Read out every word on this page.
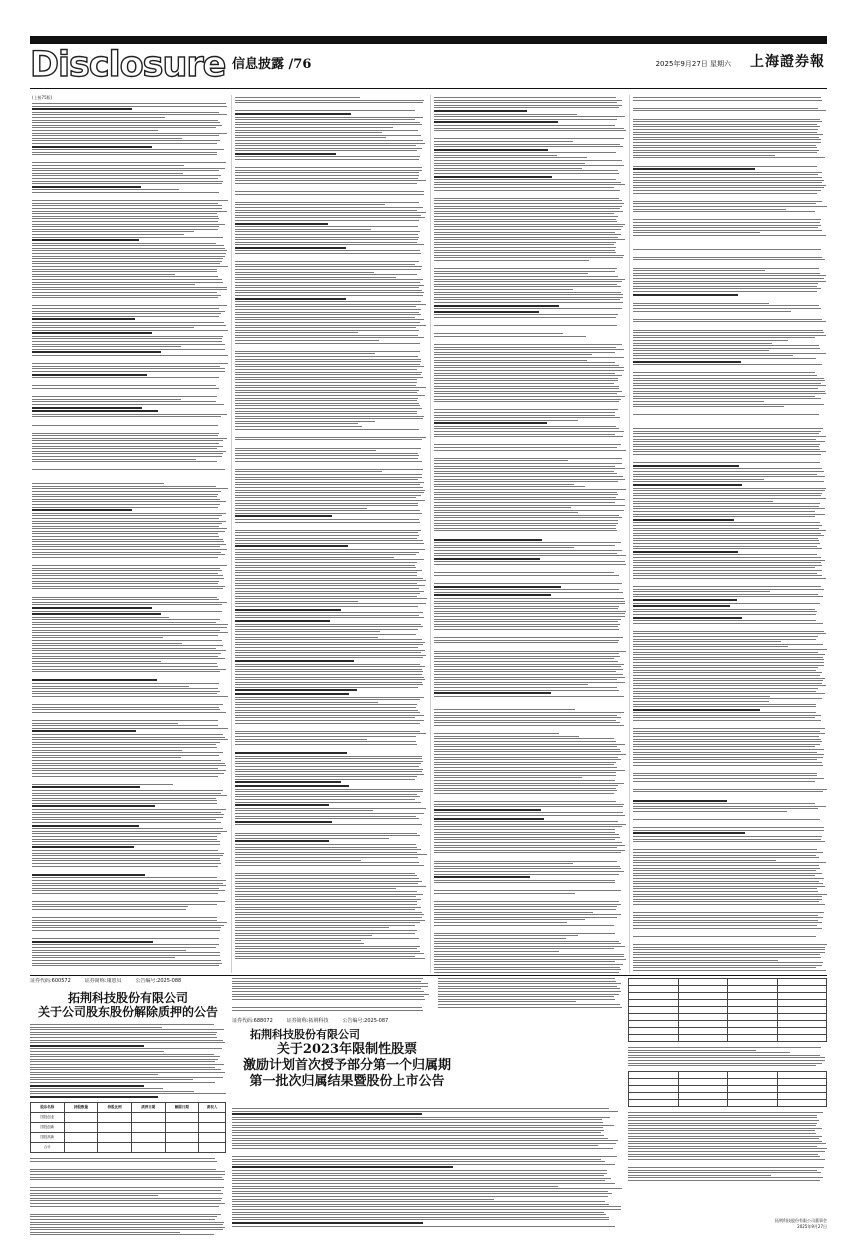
Disclosure 信息披露 /76	2025年9月27日 星期六 上海證券報
(上接75版)
证券代码:600572	证券简称:康恩贝	公告编号:2025-088
拓荆科技股份有限公司
关于公司股东股份解除质押的公告
股东名称	持股数量	持股比例	质押日期	解除日期	质权人
国投创业					
国投创新					
国投高新					
合计					
证券代码:688072	证券简称:拓荆科技	公告编号:2025-087
拓荆科技股份有限公司
关于2023年限制性股票
激励计划首次授予部分第一个归属期
第一批次归属结果暨股份上市公告

拓荆科技股份有限公司董事会
2025年9月27日
